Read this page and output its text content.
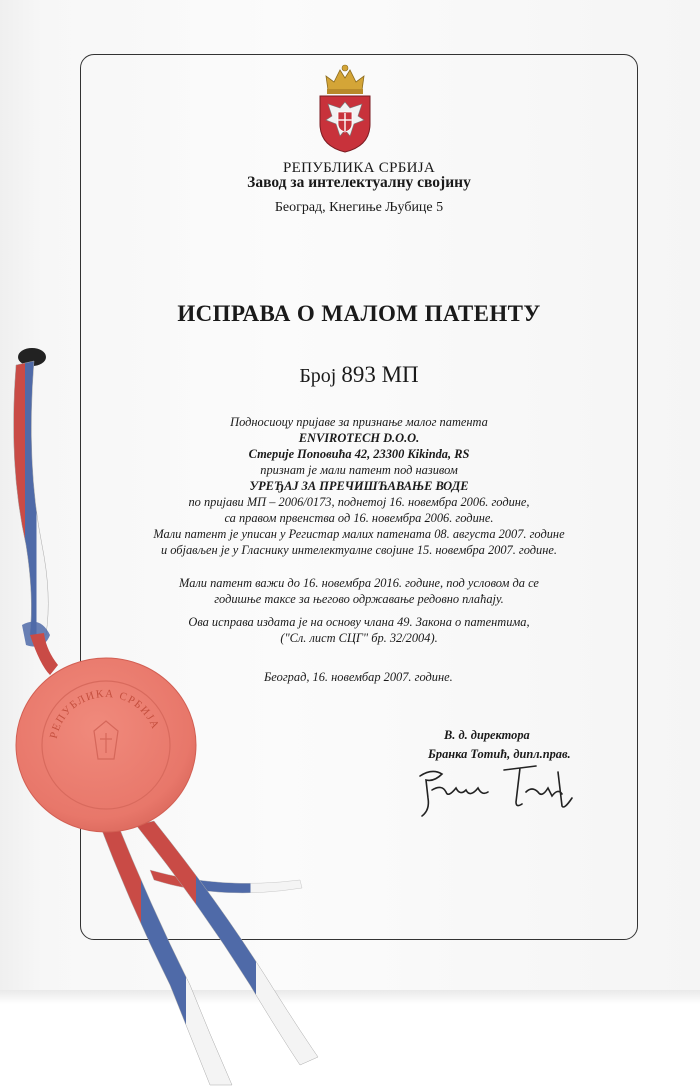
РЕПУБЛИКА СРБИЈА
Завод за интелектуалну својину
Београд, Кнегиње Љубице 5
ИСПРАВА О МАЛОМ ПАТЕНТУ
Број 893 МП
Подносиоцу пријаве за признање малог патента
ENVIROTECH D.O.O.
Стерије Поповића 42, 23300 Kikinda, RS
признат је мали патент под називом
УРЕЂАЈ ЗА ПРЕЧИШЋАВАЊЕ ВОДЕ
по пријави МП – 2006/0173, поднетој 16. новембра 2006. године,
са правом првенства од 16. новембра 2006. године.
Мали патент је уписан у Регистар малих патената 08. августа 2007. године
и објављен је у Гласнику интелектуалне својине 15. новембра 2007. године.
Мали патент важи до 16. новембра 2016. године, под условом да се
годишње таксе за његово одржавање редовно плаћају.
Ова исправа издата је на основу члана 49. Закона о патентима,
("Сл. лист СЦГ" бр. 32/2004).
Београд, 16. новембар 2007. године.
В. д. директора
Бранка Тотић, дипл.прав.
РЕПУБЛИКА СРБИЈА
